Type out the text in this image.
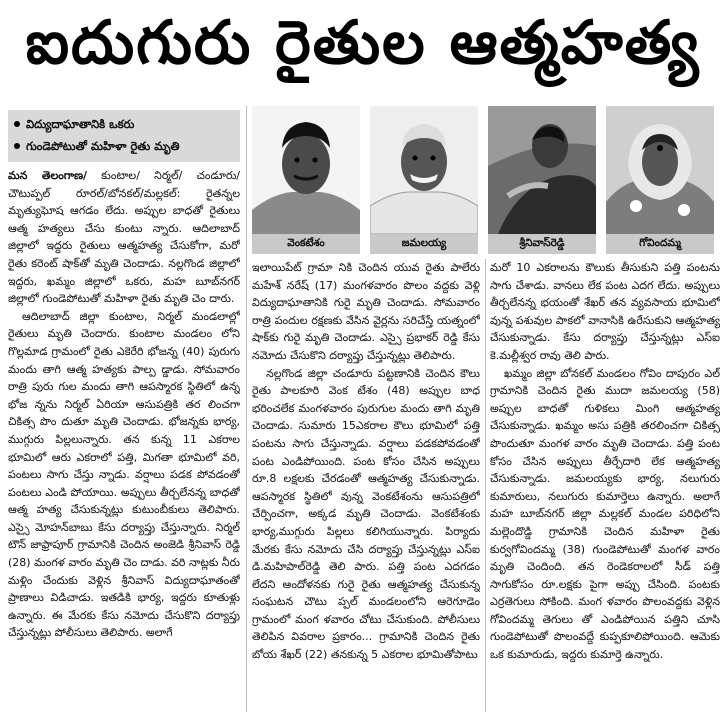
ఐదుగురు రైతుల ఆత్మహత్య
విద్యుదాఘాతానికి ఒకరు
గుండెపోటుతో మహిళా రైతు మృతి
వెంకటేశం	జమలయ్య	శ్రీనివాస్‌రెడ్డి	గోవిందమ్మ

మన తెలంగాణ/ కుంటాల/ నిర్మల్/ చండూరు/ చౌటుప్పల్ రూరల్/బోనకల్/మల్లకల్: రైతన్నల మృత్యుఘోష ఆగడం లేదు. అప్పుల బాధతో రైతులు ఆత్మ హత్యలు చేసు కుంటు న్నారు. ఆదిలాబాద్ జిల్లాలో ఇద్దరు రైతులు ఆత్మహత్య చేసుకోగా, మరో రైతు కరెంట్ షాక్‌తో మృతి చెందాడు. నల్లగొండ జిల్లాలో ఇద్దరు, ఖమ్మం జిల్లాలో ఒకరు, మహ బూబ్‌నగర్ జిల్లాలో గుండెపోటుతో మహిళా రైతు మృతి చెం దారు.

ఆదిలాబాద్ జిల్లా కుంటాల, నిర్మల్ మండలాల్లో రైతులు మృతి చెందారు. కుంటాల మండలం లోని గొల్లమాడ గ్రామంలో రైతు ఎకెరేరి భోజన్న (40) పురుగు మందు తాగి ఆత్మ హత్యకు పాల్ప డ్డాడు. సోమవారం రాత్రి పురు గుల మందు తాగి ఆపస్మారక స్థితిలో ఉన్న భోజ న్నను నిర్మల్ ఏరియా ఆసుపత్రికి తర లించగా చికిత్స పొం దుతూ మృతి చెందాడు. భోజన్నకు భార్య, ముగ్గురు పిల్లలున్నారు. తన కున్న 11 ఎకరాల భూమిలో ఆరు ఎకరాలో పత్తి, మిగతా భూమిలో వరి, పంటలు సాగు చేస్తు న్నాడు. వర్షాలు పడక పోవడంతో పంటలు ఎండి పోయాయి. అప్పులు తీర్చలేనన్న బాధతో ఆత్మ హత్య చేసుకున్నట్లు కుటుంబీకులు తెలిపారు. ఎస్సై మోహన్‌బాబు కేసు దర్యాప్తు చేస్తున్నారు. నిర్మల్ టౌన్ జాఫ్రాపూర్ గ్రామానికి చెందిన అంజెడి శ్రీనివాస్ రెడ్డి (28) మంగళ వారం మృతి చెం దాడు. వరి నాట్లకు నీరు మళ్లిం చేందుకు వెళ్లిన శ్రీనివాస్ విద్యుదాఘాతంతో ప్రాణాలు విడిచాడు. ఇతడికి భార్య, ఇద్దరు కూతుళ్లు ఉన్నారు. ఈ మేరకు కేసు నమోదు చేసుకొని దర్యాప్తు చేస్తున్నట్లు పోలీసులు తెలిపారు. అలాగే

ఇలాయిపేట్ గ్రామా నికి చెందిన యువ రైతు పాలేరు మహేశ్ నరేష్ (17) మంగళవారం పొలం వద్దకు వెళ్లి విద్యుదాఘాతానికి గురై మృతి చెందాడు. సోమవారం రాత్రి పందుల రక్షణకు వేసిన వైర్లను సరిచేస్తే యత్నంలో షాక్‌కు గురై మృతి చెందాడు. ఎస్సై ప్రభాకర్ రెడ్డి కేసు నమోదు చేసుకొని దర్యాప్తు చేస్తున్నట్లు తెలిపారు.

నల్లగొండ జిల్లా చండూరు పట్టణానికి చెందిన కౌలు రైతు పాలకూరి వెంక టేశం (48) అప్పుల బాధ భరించలేక మంగళవారం పురుగుల మందు తాగి మృతి చెందాడు. సుమారు 15ఎకరాల కౌలు భూమిలో పత్తి పంటను సాగు చేస్తున్నాడు. వర్షాలు పడకపోవడంతో పంట ఎండిపోయింది. పంట కోసం చేసిన అప్పులు రూ.8 లక్షలకు చేరడంతో ఆత్మహత్య చేసుకున్నాడు. ఆపస్మారక స్థితిలో వున్న వెంకటేశంను ఆసుపత్రిలో చేర్పించగా, అక్కడ మృతి చెందాడు. వెంకటేశంకు భార్య,ముగ్గురు పిల్లలు కలిగియున్నారు. పిర్యాదు మేరకు కేసు నమోదు చేసి దర్యాప్తు చేస్తున్నట్లు ఎస్‌ఐ డి.మహిపాల్‌రెడ్డి తెలి పారు. పత్తి పంట ఎదగడం లేదని ఆందోళనకు గురై రైతు ఆత్మహత్య చేసుకున్న సంఘటన చౌటు ప్పల్ మండలంలోని ఆరెగూడెం గ్రామంలో మంగ ళవారం చోటు చేసుకుంది. పోలీసులు తెలిపిన వివరాల ప్రకారం... గ్రామానికి చెందిన రైతు బోయ శేఖర్ (22) తనకున్న 5 ఎకరాల భూమితోపాటు

మరో 10 ఎకరాలను కౌలుకు తీసుకుని పత్తి పంటను సాగు చేశాడు. వానలు లేక పంట ఎదగ లేదు. అప్పులు తీర్చలేనన్న భయంతో శేఖర్ తన వ్యవసాయ భూమిలో వున్న పశువుల పాకలో వానాసికి ఉరేసుకుని ఆత్మహత్య చేసుకున్నాడు. కేసు దర్యాప్తు చేస్తున్నట్లు ఎస్‌ఐ కె.మల్లీశ్వర రావు తెలి పారు.

ఖమ్మం జిల్లా బోనకల్ మండలం గోవిం దాపురం ఎల్ గ్రామానికి చెందిన రైతు ముదా జమలయ్య (58) అప్పుల బాధతో గుళికలు మింగి ఆత్మహత్య చేసుకున్నాడు. ఖమ్మం అసు పత్రికి తరలించగా చికిత్స పొందుతూ మంగళ వారం మృతి చెందాడు. పత్తి పంట కోసం చేసిన అప్పులు తీర్చేదారి లేక ఆత్మహత్య చేసుకున్నాడు. జమలయ్యకు భార్య, నలుగురు కుమారులు, నలుగురు కుమార్తెలు ఉన్నారు. అలాగే మహ బూబ్‌నగర్ జిల్లా మల్లకల్ మండల పరిధిలోని మల్లెందొడ్డి గ్రామానికి చెందిన మహిళా రైతు కుర్వగోవిందమ్మ (38) గుండెపోటుతో మంగళ వారం మృతి చెందింది. తన రెండెకరాలలో సీడ్ పత్తి సాగుకోసం రూ.లక్షకు పైగా అప్పు చేసింది. పంటకు ఎర్రతెగులు సోకింది. మంగ ళవారం పొలంవద్దకు వెళ్లిన గోవిందమ్మ తెగులు తో ఎండిపోయిన పత్తిని చూసి గుండెపోటుతో పొలంవద్దే కుప్పకూలిపోయింది. ఆమెకు ఒక కుమారుడు, ఇద్దరు కుమార్తె ఉన్నారు.
